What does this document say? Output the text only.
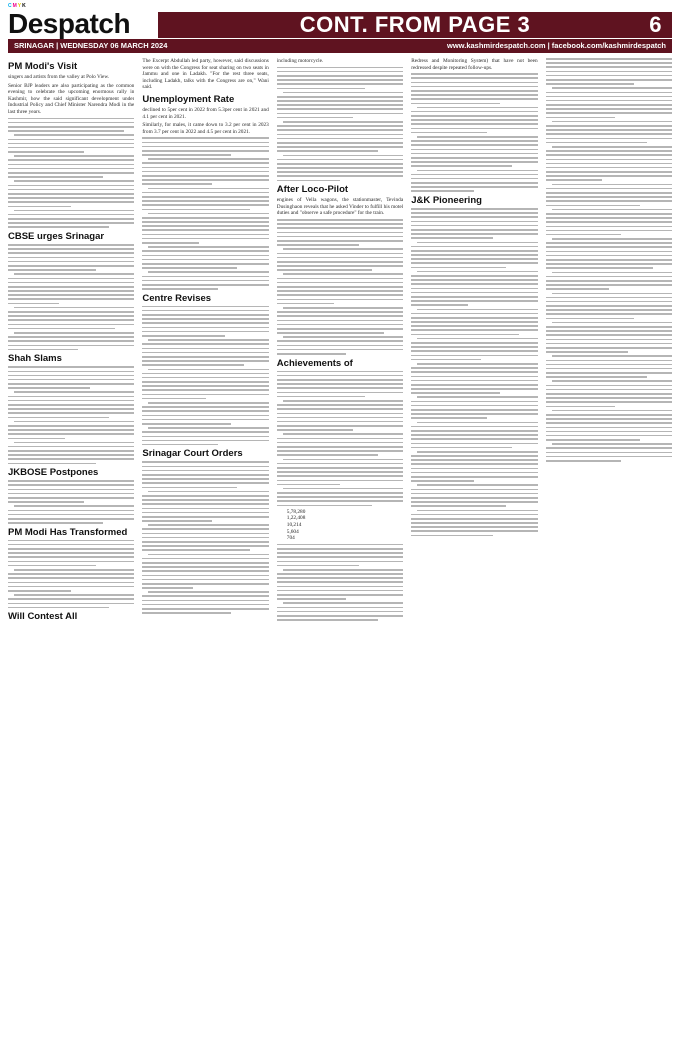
CMYK
Despatch	CONT. FROM PAGE 3	6
SRINAGAR | WEDNESDAY 06 MARCH 2024	www.kashmirdespatch.com | facebook.com/kashmirdespatch
PM Modi's Visit

singers and artists from the valley at Polo View.

Senior BJP leaders are also participating as the common evening to celebrate the upcoming enormous rally in Kashmir, how the said significant development under Industrial Policy and Chief Minister Narendra Modi in the last three years.

CBSE urges Srinagar
Shah Slams
JKBOSE Postpones
PM Modi Has Transformed
Will Contest All

The Excerpt Abdullah led party, however, said discussions were on with the Congress for seat sharing on two seats in Jammu and one in Ladakh. "For the rest three seats, including Ladakh, talks with the Congress are on," Wani said.

Unemployment Rate

declined to 5per cent in 2022 from 5.3per cent in 2021 and 4.1 per cent in 2021.

Similarly, for males, it came down to 3.2 per cent in 2023 from 3.7 per cent in 2022 and 4.5 per cent in 2021.

Centre Revises
Srinagar Court Orders

including motorcycle.

After Loco-Pilot

engines of Vella wagons, the stationmaster, Tevinda Dusinghaon reveals that he asked Vinder to fulfill his motel duties and "observe a safe procedure" for the train.

Achievements of
5,78,280
1,22,408
10,214
5,604
704

Redress and Monitoring System) that have not been redressed despite repeated follow-ups.

J&K Pioneering
